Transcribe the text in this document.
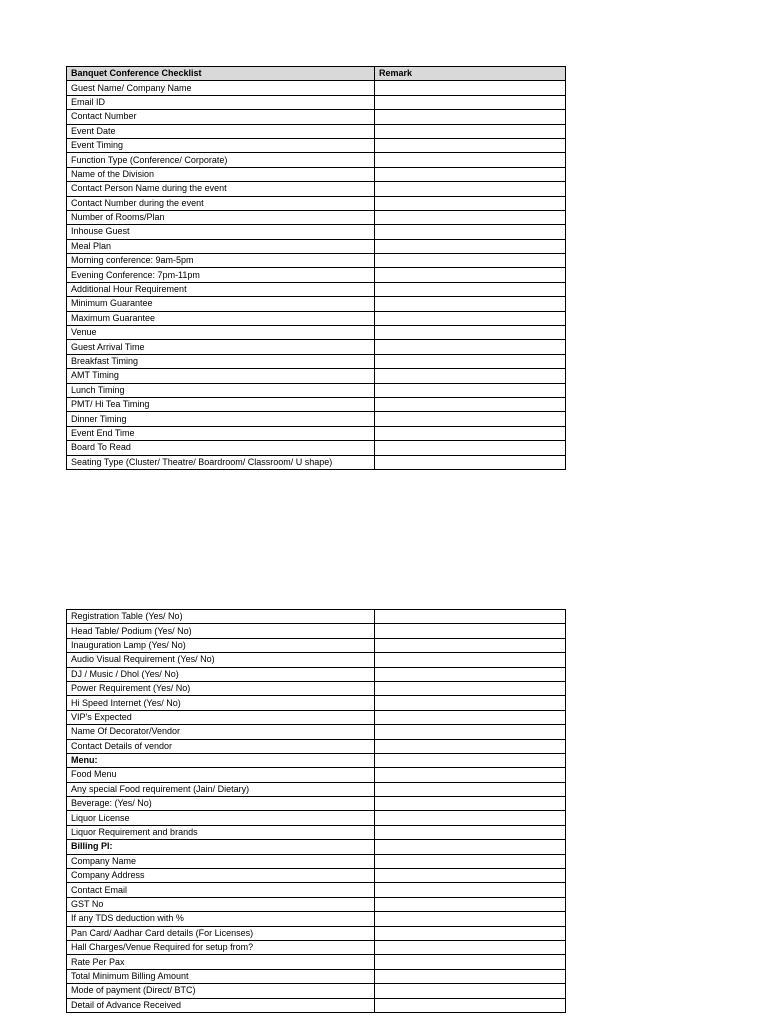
Banquet Conference Checklist	Remark
Guest Name/ Company Name	
Email ID	
Contact Number	
Event Date	
Event Timing	
Function Type (Conference/ Corporate)	
Name of the Division	
Contact Person Name during the event	
Contact Number during the event	
Number of Rooms/Plan	
Inhouse Guest	
Meal Plan	
Morning conference: 9am-5pm	
Evening Conference: 7pm-11pm	
Additional Hour Requirement	
Minimum Guarantee	
Maximum Guarantee	
Venue	
Guest Arrival Time	
Breakfast Timing	
AMT Timing	
Lunch Timing	
PMT/ Hi Tea Timing	
Dinner Timing	
Event End Time	
Board To Read	
Seating Type (Cluster/ Theatre/ Boardroom/ Classroom/ U shape)	
Registration Table (Yes/ No)	
Head Table/ Podium (Yes/ No)	
Inauguration Lamp (Yes/ No)	
Audio Visual Requirement (Yes/ No)	
DJ / Music / Dhol (Yes/ No)	
Power Requirement (Yes/ No)	
Hi Speed Internet (Yes/ No)	
VIP's Expected	
Name Of Decorator/Vendor	
Contact Details of vendor	
Menu:	
Food Menu	
Any special Food requirement (Jain/ Dietary)	
Beverage: (Yes/ No)	
Liquor License	
Liquor Requirement and brands	
Billing PI:	
Company Name	
Company Address	
Contact Email	
GST No	
If any TDS deduction with %	
Pan Card/ Aadhar Card details (For Licenses)	
Hall Charges/Venue Required for setup from?	
Rate Per Pax	
Total Minimum Billing Amount	
Mode of payment (Direct/ BTC)	
Detail of Advance Received	
